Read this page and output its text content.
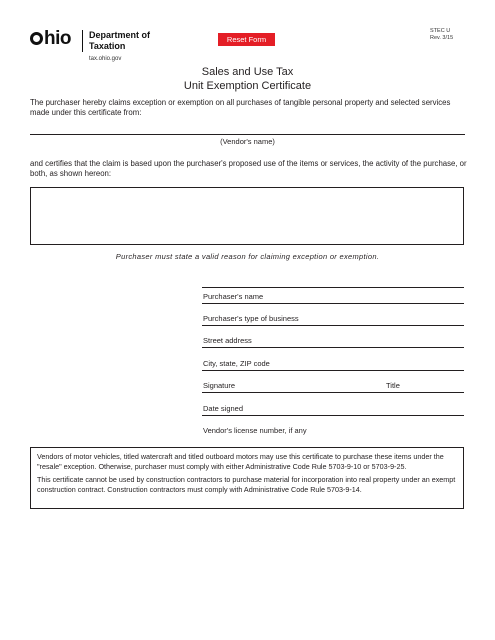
hio Department of
Taxation
tax.ohio.gov
Reset Form
STEC U
Rev. 3/15
Sales and Use Tax
Unit Exemption Certificate
The purchaser hereby claims exception or exemption on all purchases of tangible personal property and selected services made under this certificate from:
(Vendor's name)
and certifies that the claim is based upon the purchaser's proposed use of the items or services, the activity of the purchase, or both, as shown hereon:
Purchaser must state a valid reason for claiming exception or exemption.
Purchaser's name
Purchaser's type of business
Street address
City, state, ZIP code
Signature	Title
Date signed
Vendor's license number, if any

Vendors of motor vehicles, titled watercraft and titled outboard motors may use this certificate to purchase these items under the "resale" exception. Otherwise, purchaser must comply with either Administrative Code Rule 5703-9-10 or 5703-9-25.

This certificate cannot be used by construction contractors to purchase material for incorporation into real property under an exempt construction contract. Construction contractors must comply with Administrative Code Rule 5703-9-14.
